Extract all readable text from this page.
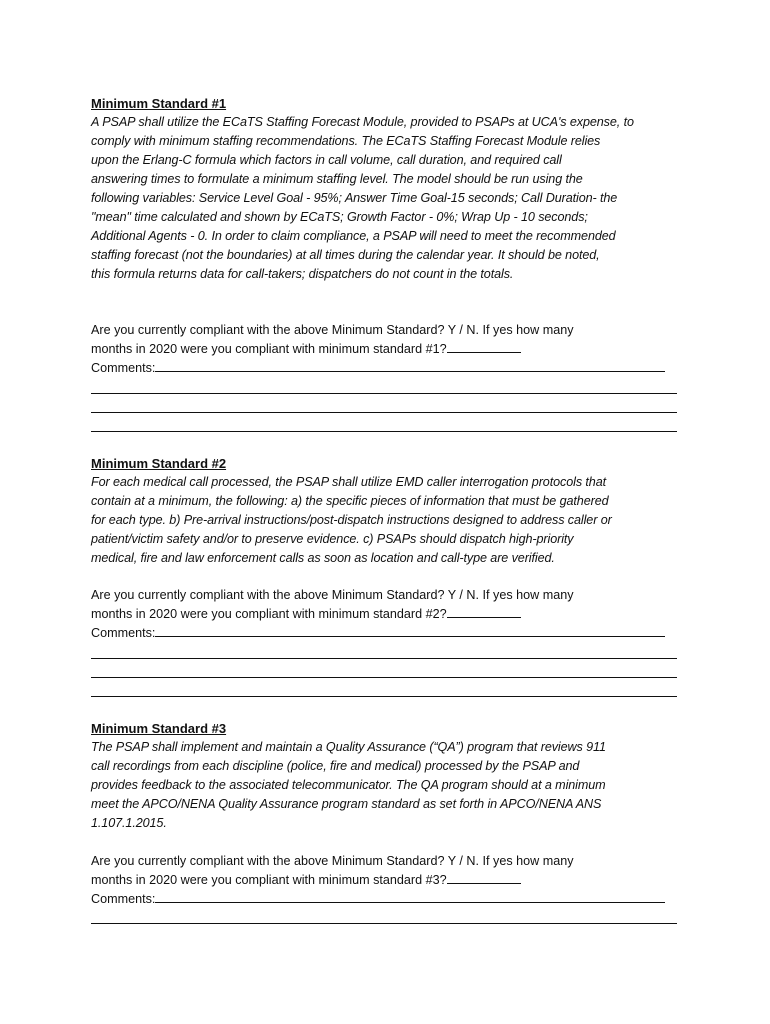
Minimum Standard #1

A PSAP shall utilize the ECaTS Staffing Forecast Module, provided to PSAPs at UCA's expense, to

comply with minimum staffing recommendations. The ECaTS Staffing Forecast Module relies

upon the Erlang-C formula which factors in call volume, call duration, and required call

answering times to formulate a minimum staffing level. The model should be run using the

following variables: Service Level Goal - 95%; Answer Time Goal-15 seconds; Call Duration- the

"mean" time calculated and shown by ECaTS; Growth Factor - 0%; Wrap Up - 10 seconds;

Additional Agents - 0. In order to claim compliance, a PSAP will need to meet the recommended

staffing forecast (not the boundaries) at all times during the calendar year. It should be noted,

this formula returns data for call-takers; dispatchers do not count in the totals.

Are you currently compliant with the above Minimum Standard? Y / N. If yes how many

months in 2020 were you compliant with minimum standard #1?

Comments:

Minimum Standard #2

For each medical call processed, the PSAP shall utilize EMD caller interrogation protocols that

contain at a minimum, the following: a) the specific pieces of information that must be gathered

for each type. b) Pre-arrival instructions/post-dispatch instructions designed to address caller or

patient/victim safety and/or to preserve evidence. c) PSAPs should dispatch high-priority

medical, fire and law enforcement calls as soon as location and call-type are verified.

Are you currently compliant with the above Minimum Standard? Y / N. If yes how many

months in 2020 were you compliant with minimum standard #2?

Comments:

Minimum Standard #3

The PSAP shall implement and maintain a Quality Assurance (“QA”) program that reviews 911

call recordings from each discipline (police, fire and medical) processed by the PSAP and

provides feedback to the associated telecommunicator. The QA program should at a minimum

meet the APCO/NENA Quality Assurance program standard as set forth in APCO/NENA ANS

1.107.1.2015.

Are you currently compliant with the above Minimum Standard? Y / N. If yes how many

months in 2020 were you compliant with minimum standard #3?

Comments:
